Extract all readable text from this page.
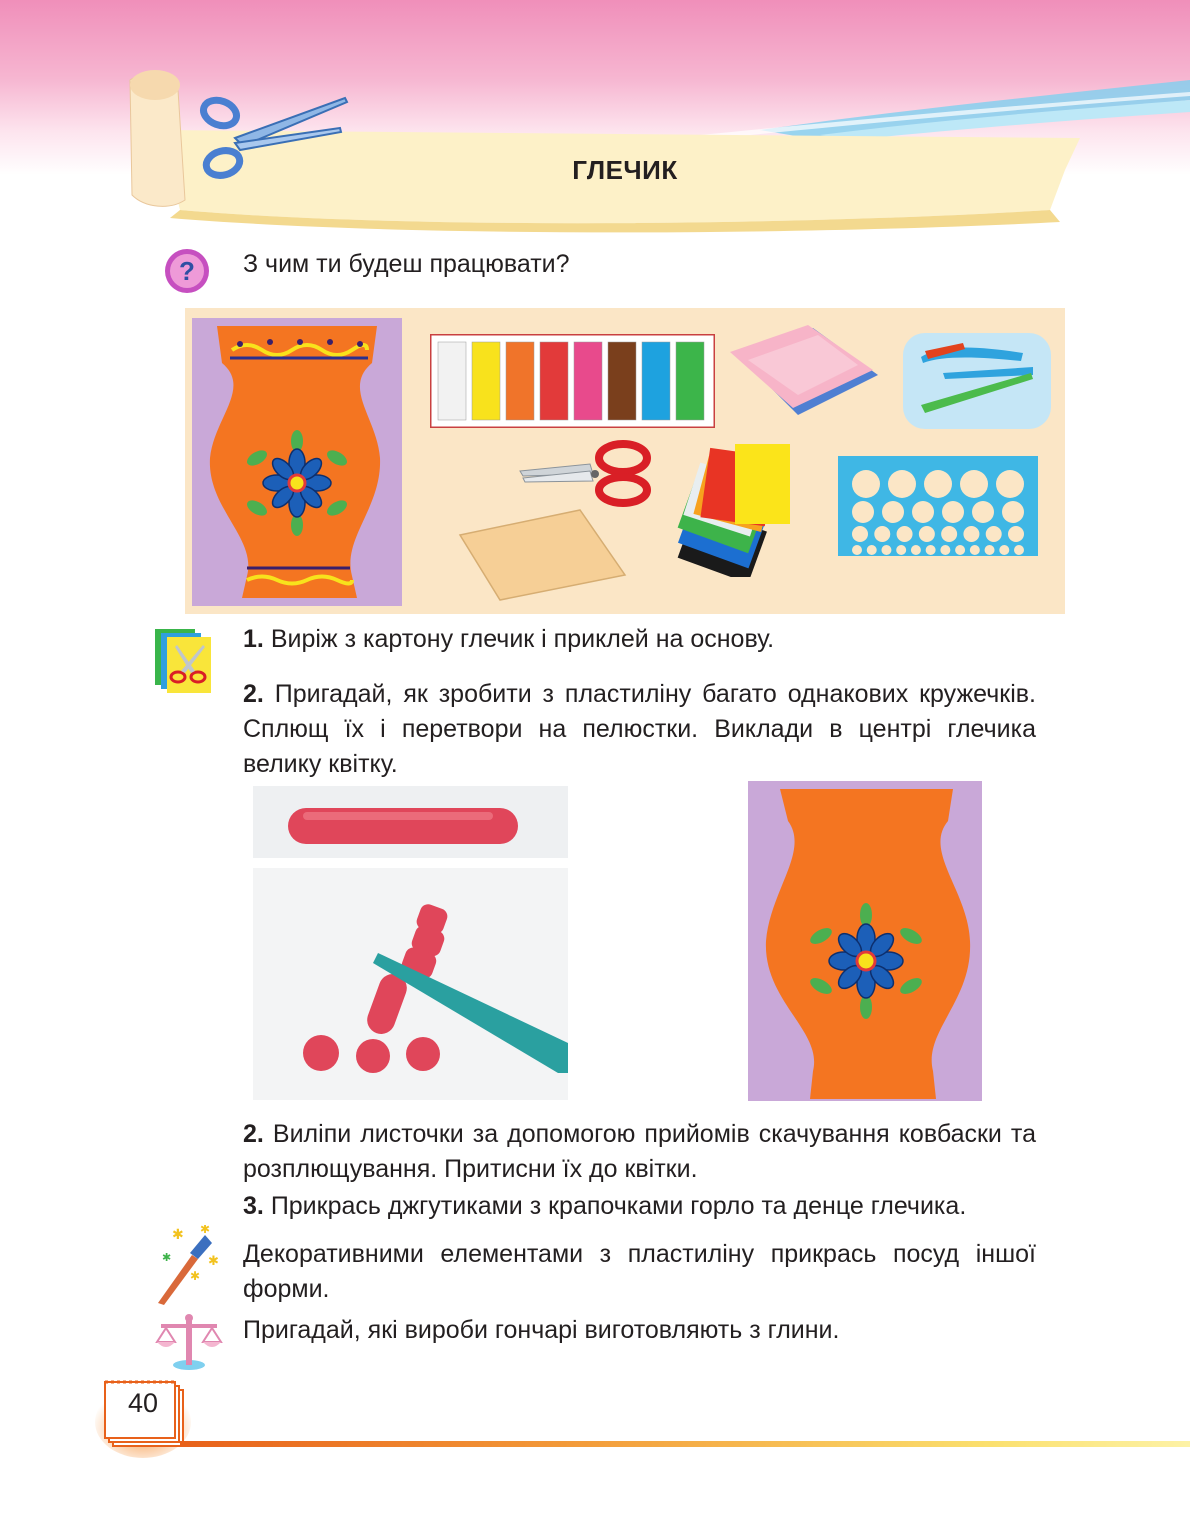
ГЛЕЧИК
? З чим ти будеш працювати?
1. Виріж з картону глечик і приклей на основу.
2. Пригадай, як зробити з пластиліну багато однакових кружечків. Сплющ їх і перетвори на пелюстки. Виклади в центрі глечика велику квітку.
2. Виліпи листочки за допомогою прийомів скачування ковбаски та розплющування. Притисни їх до квітки.
3. Прикрась джгутиками з крапочками горло та денце глечика.
✱ ✱
✱
✱
✱
Декоративними елементами з пластиліну прикрась посуд іншої форми.
Пригадай, які вироби гончарі виготовляють з глини.
40
